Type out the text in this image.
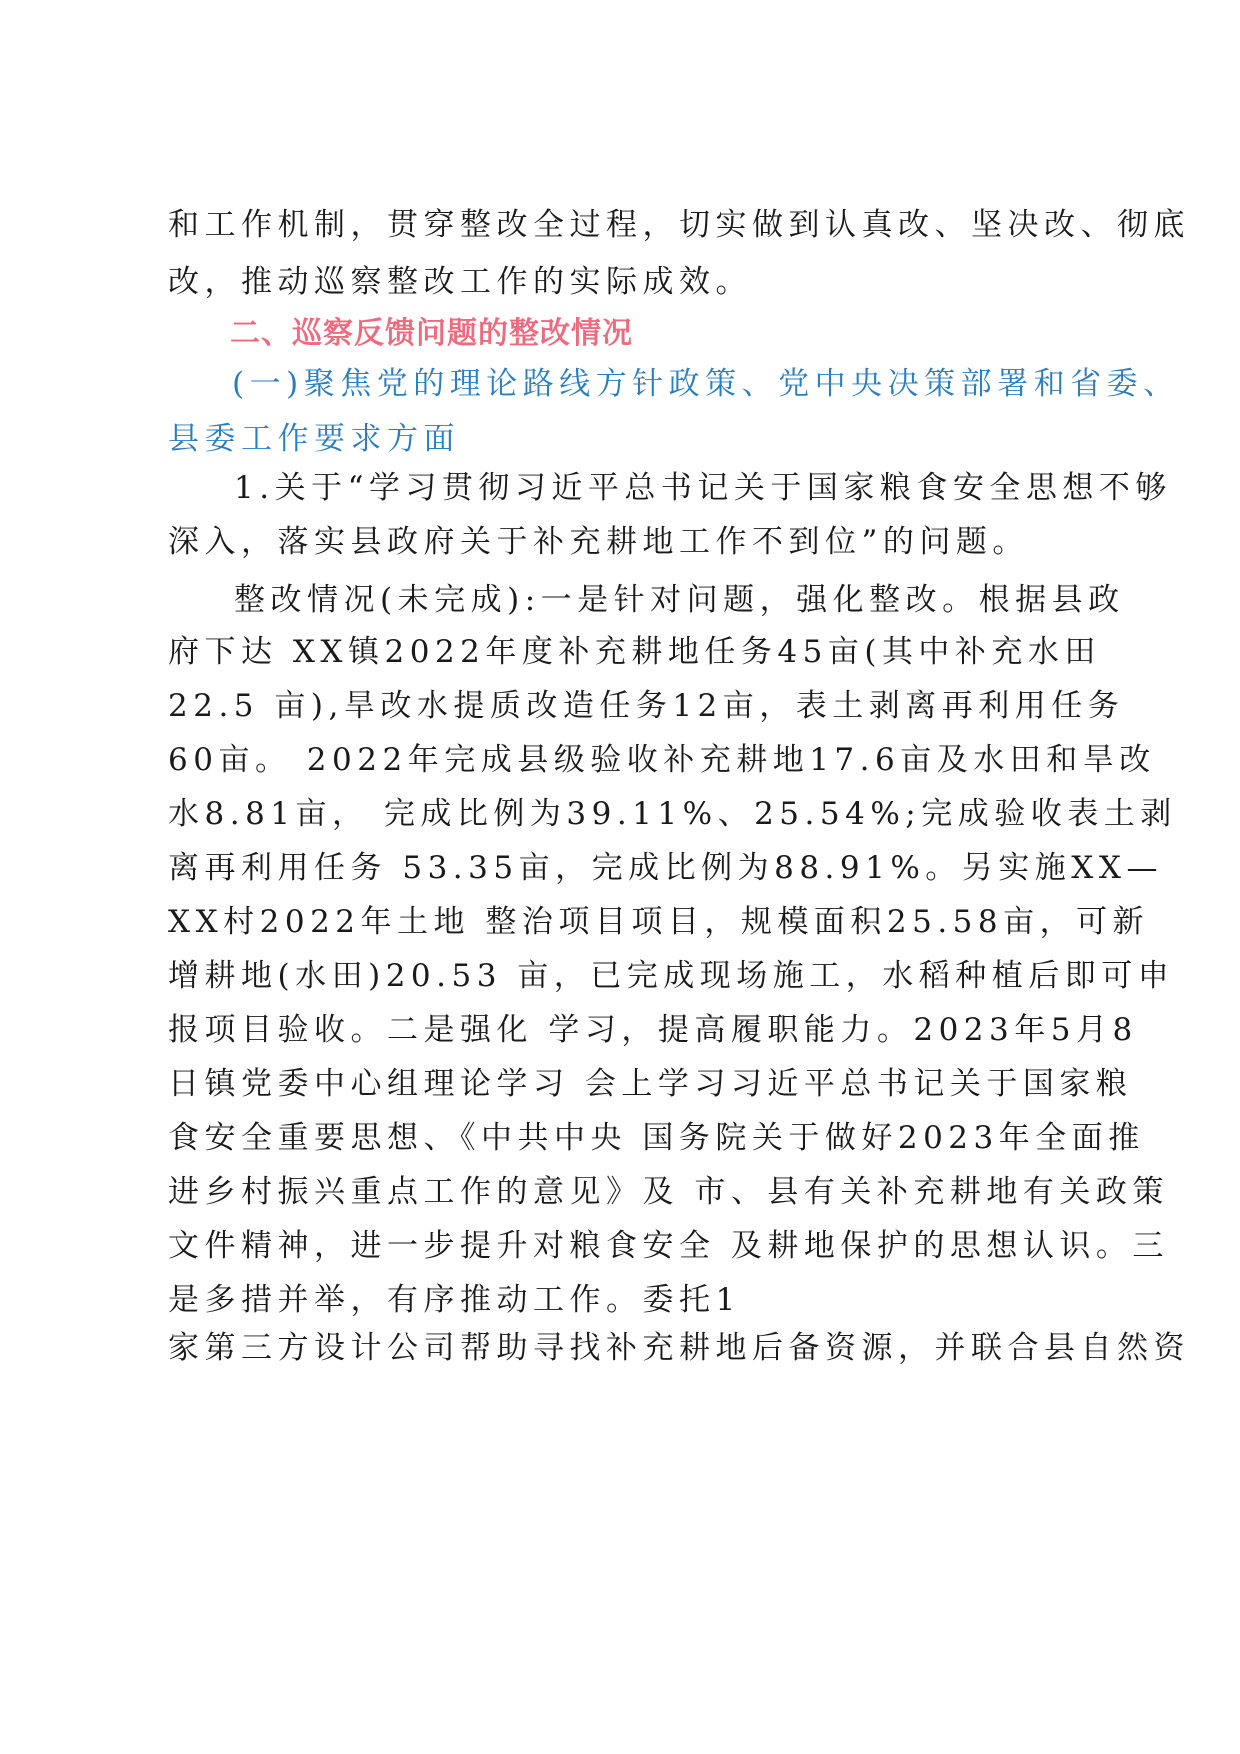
和工作机制，贯穿整改全过程，切实做到认真改、坚决改、彻底
改，推动巡察整改工作的实际成效。
二、巡察反馈问题的整改情况
(一)聚焦党的理论路线方针政策、党中央决策部署和省委、
县委工作要求方面
1.关于“学习贯彻习近平总书记关于国家粮食安全思想不够
深入，落实县政府关于补充耕地工作不到位”的问题。
整改情况(未完成):一是针对问题，强化整改。根据县政
府下达 XX镇2022年度补充耕地任务45亩(其中补充水田
22.5 亩),旱改水提质改造任务12亩，表土剥离再利用任务
60亩。 2022年完成县级验收补充耕地17.6亩及水田和旱改
水8.81亩， 完成比例为39.11%、25.54%;完成验收表土剥
离再利用任务 53.35亩，完成比例为88.91%。另实施XX—
XX村2022年土地 整治项目项目，规模面积25.58亩，可新
增耕地(水田)20.53 亩，已完成现场施工，水稻种植后即可申
报项目验收。二是强化 学习，提高履职能力。2023年5月8
日镇党委中心组理论学习 会上学习习近平总书记关于国家粮
食安全重要思想、《中共中央 国务院关于做好2023年全面推
进乡村振兴重点工作的意见》及 市、县有关补充耕地有关政策
文件精神，进一步提升对粮食安全 及耕地保护的思想认识。三
是多措并举，有序推动工作。委托1
家第三方设计公司帮助寻找补充耕地后备资源，并联合县自然资
